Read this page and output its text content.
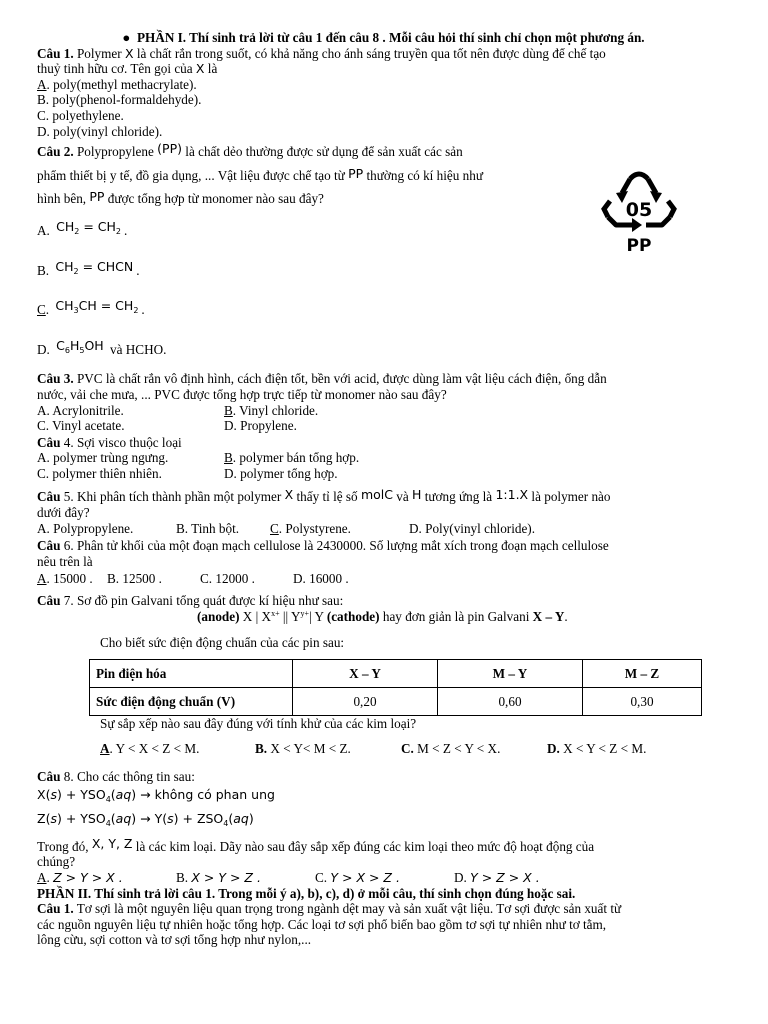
●  PHẦN I. Thí sinh trả lời từ câu 1 đến câu 8 . Mỗi câu hỏi thí sinh chỉ chọn một phương án.
Câu 1. Polymer X là chất rắn trong suốt, có khả năng cho ánh sáng truyền qua tốt nên được dùng để chế tạo
thuỷ tinh hữu cơ. Tên gọi của X là
A. poly(methyl methacrylate).
B. poly(phenol-formaldehyde).
C. polyethylene.
D. poly(vinyl chloride).
Câu 2. Polypropylene (PP) là chất dẻo thường được sử dụng để sản xuất các sản
phẩm thiết bị y tế, đồ gia dụng, ... Vật liệu được chế tạo từ PP thường có kí hiệu như
hình bên, PP được tổng hợp từ monomer nào sau đây?
A. $CH_2 = CH_2$ .
B. $CH_2$ = CHCN .
C. $CH_3CH = CH_2$ .
D. $C_6H_5OH$ và HCHO.
05
PP
Câu 3. PVC là chất rắn vô định hình, cách điện tốt, bền với acid, được dùng làm vật liệu cách điện, ống dẫn
nước, vải che mưa, ... PVC được tổng hợp trực tiếp từ monomer nào sau đây?
A. Acrylonitrile.	B. Vinyl chloride.
C. Vinyl acetate.	D. Propylene.
Câu 4. Sợi visco thuộc loại
A. polymer trùng ngưng.	B. polymer bán tổng hợp.
C. polymer thiên nhiên.	D. polymer tổng hợp.
Câu 5. Khi phân tích thành phần một polymer X thấy tỉ lệ số molC và H tương ứng là 1:1.X là polymer nào
dưới đây?
A. Polypropylene.	B. Tinh bột. C. Polystyrene.	D. Poly(vinyl chloride).
Câu 6. Phân tử khối của một đoạn mạch cellulose là 2430000. Số lượng mắt xích trong đoạn mạch cellulose
nêu trên là
A. 15000 . B. 12500 .	C. 12000 .	D. 16000 .
Câu 7. Sơ đồ pin Galvani tổng quát được kí hiệu như sau:
(anode) X | $X^{x+}$ || $Y^{y+}|$ Y (cathode) hay đơn giản là pin Galvani X – Y.
Cho biết sức điện động chuẩn của các pin sau:
Pin điện hóa	X – Y	M – Y	M – Z
Sức điện động chuẩn (V)	0,20	0,60	0,30
Sự sắp xếp nào sau đây đúng với tính khử của các kim loại?
A. Y < X < Z < M.	B. X < Y< M < Z.	C. M < Z < Y < X.	D. X < Y < Z < M.
Câu 8. Cho các thông tin sau:
$X(s) + YSO_4(aq)$ → không có phan ung
$Z(s) + YSO_4(aq) \to Y(s) + ZSO_4(aq)$
Trong đó, X, Y, Z là các kim loại. Dãy nào sau đây sắp xếp đúng các kim loại theo mức độ hoạt động của
chúng?
A. Z > Y > X .	B. X > Y > Z .	C. Y > X > Z .	D. Y > Z > X .
PHẦN II. Thí sinh trả lời câu 1. Trong mỗi ý a), b), c), d) ở mỗi câu, thí sinh chọn đúng hoặc sai.
Câu 1. Tơ sợi là một nguyên liệu quan trọng trong ngành dệt may và sản xuất vật liệu. Tơ sợi được sản xuất từ
các nguồn nguyên liệu tự nhiên hoặc tổng hợp. Các loại tơ sợi phổ biến bao gồm tơ sợi tự nhiên như tơ tằm,
lông cừu, sợi cotton và tơ sợi tổng hợp như nylon,...
